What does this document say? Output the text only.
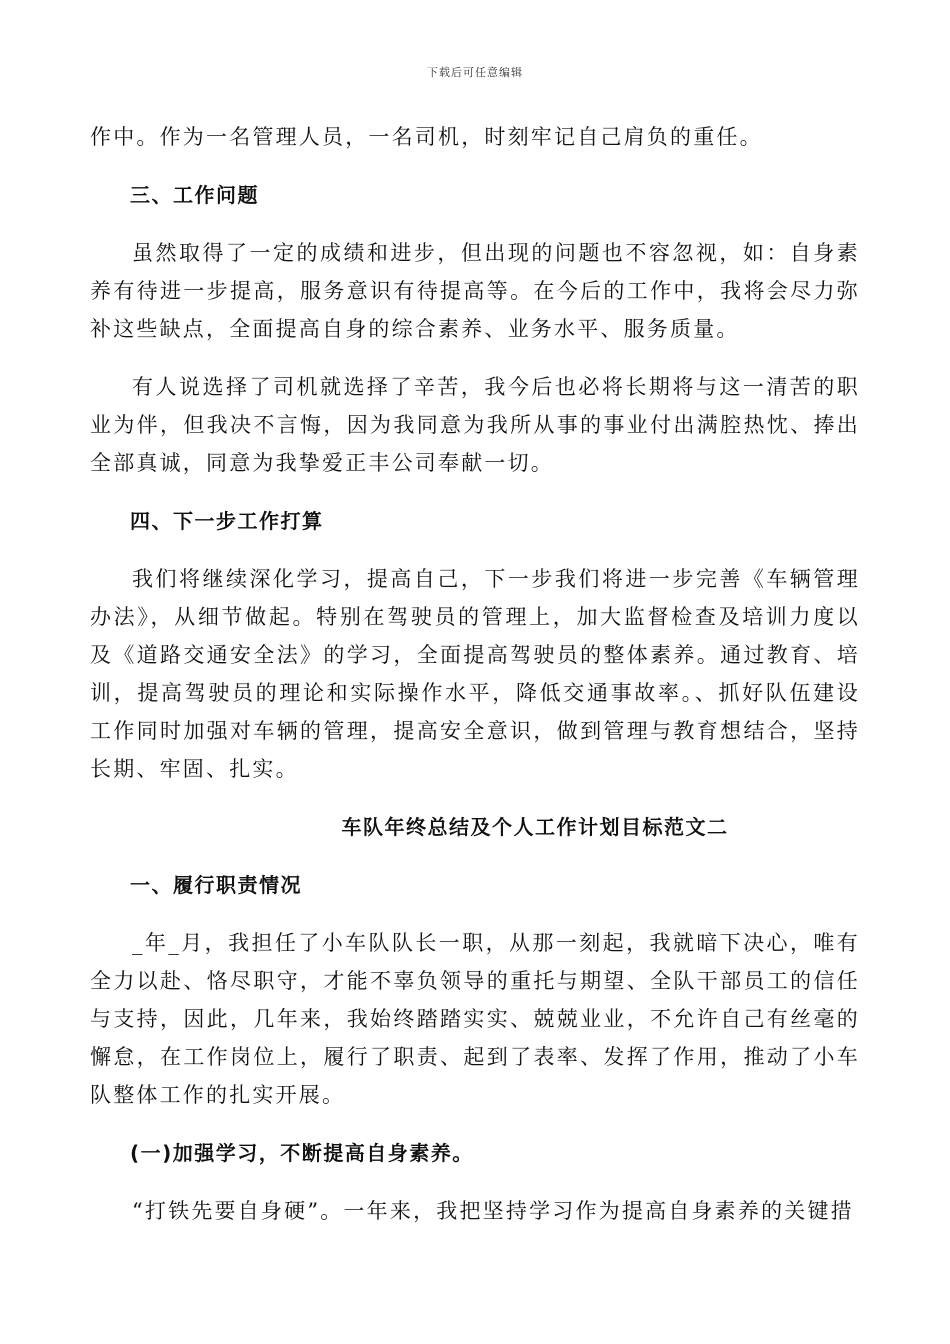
下载后可任意编辑

作中。作为一名管理人员，一名司机，时刻牢记自己肩负的重任。

三、工作问题

虽然取得了一定的成绩和进步，但出现的问题也不容忽视，如：自身素养有待进一步提高，服务意识有待提高等。在今后的工作中，我将会尽力弥补这些缺点，全面提高自身的综合素养、业务水平、服务质量。

有人说选择了司机就选择了辛苦，我今后也必将长期将与这一清苦的职业为伴，但我决不言悔，因为我同意为我所从事的事业付出满腔热忱、捧出全部真诚，同意为我挚爱正丰公司奉献一切。

四、下一步工作打算

我们将继续深化学习，提高自己，下一步我们将进一步完善《车辆管理办法》，从细节做起。特别在驾驶员的管理上，加大监督检查及培训力度以及《道路交通安全法》的学习，全面提高驾驶员的整体素养。通过教育、培训，提高驾驶员的理论和实际操作水平，降低交通事故率。、抓好队伍建设工作同时加强对车辆的管理，提高安全意识，做到管理与教育想结合，坚持长期、牢固、扎实。

车队年终总结及个人工作计划目标范文二

一、履行职责情况

_年_月，我担任了小车队队长一职，从那一刻起，我就暗下决心，唯有全力以赴、恪尽职守，才能不辜负领导的重托与期望、全队干部员工的信任与支持，因此，几年来，我始终踏踏实实、兢兢业业，不允许自己有丝毫的懈怠，在工作岗位上，履行了职责、起到了表率、发挥了作用，推动了小车队整体工作的扎实开展。

(一)加强学习，不断提高自身素养。

“打铁先要自身硬”。一年来，我把坚持学习作为提高自身素养的关键措
